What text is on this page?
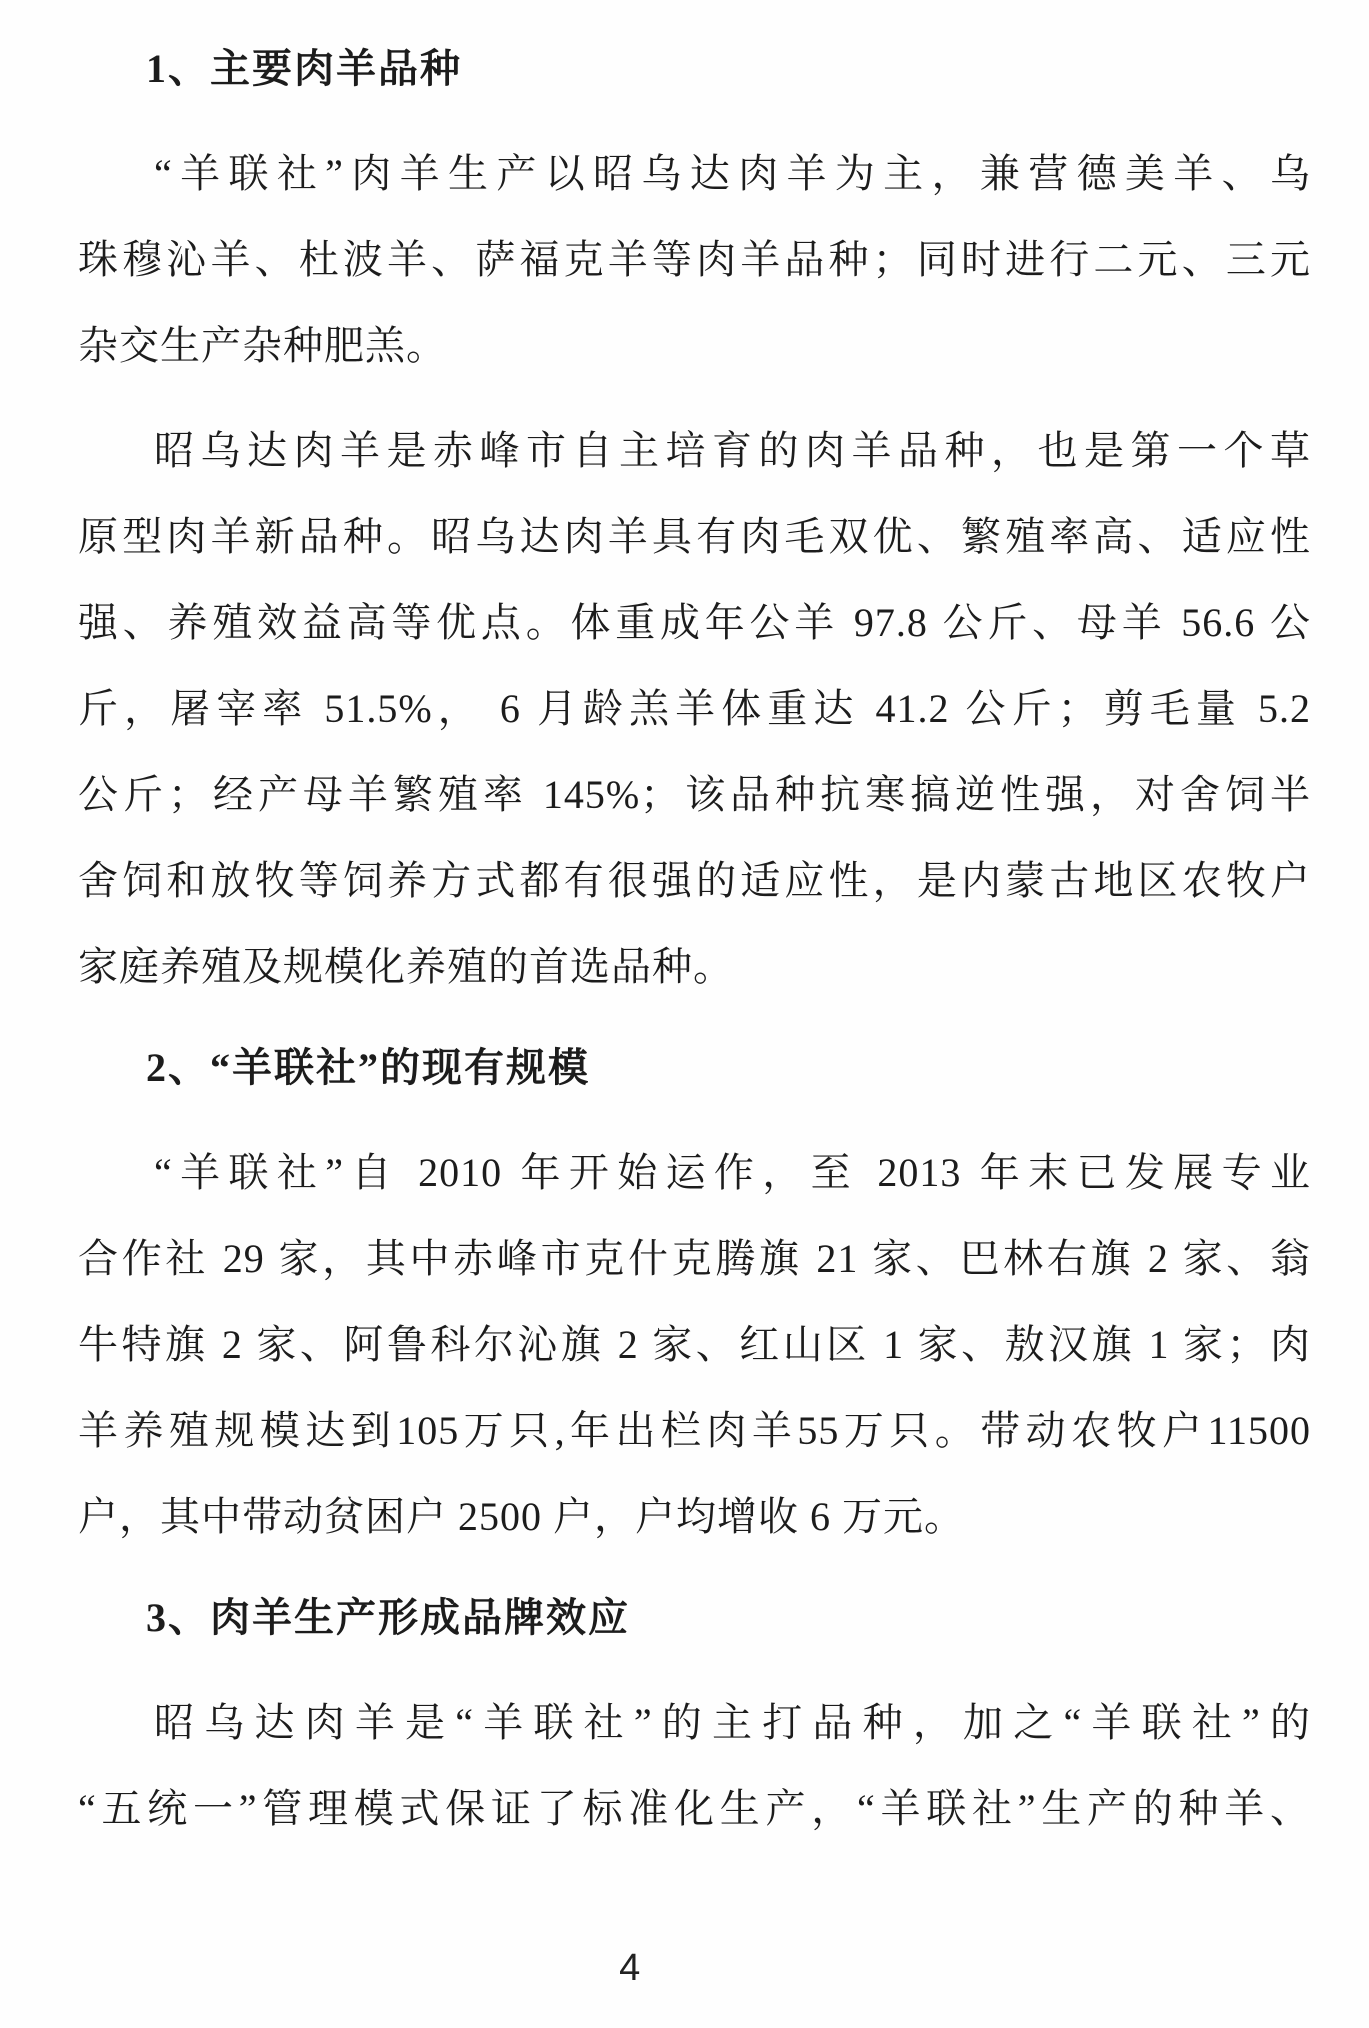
1、主要肉羊品种
“羊联社”肉羊生产以昭乌达肉羊为主，兼营德美羊、乌
珠穆沁羊、杜波羊、萨福克羊等肉羊品种；同时进行二元、三元
杂交生产杂种肥羔。
昭乌达肉羊是赤峰市自主培育的肉羊品种，也是第一个草
原型肉羊新品种。昭乌达肉羊具有肉毛双优、繁殖率高、适应性
强、养殖效益高等优点。体重成年公羊 97.8 公斤、母羊 56.6 公
斤，屠宰率 51.5%， 6 月龄羔羊体重达 41.2 公斤；剪毛量 5.2
公斤；经产母羊繁殖率 145%；该品种抗寒搞逆性强，对舍饲半
舍饲和放牧等饲养方式都有很强的适应性，是内蒙古地区农牧户
家庭养殖及规模化养殖的首选品种。
2、“羊联社”的现有规模
“羊联社”自 2010 年开始运作，至 2013 年末已发展专业
合作社 29 家，其中赤峰市克什克腾旗 21 家、巴林右旗 2 家、翁
牛特旗 2 家、阿鲁科尔沁旗 2 家、红山区 1 家、敖汉旗 1 家；肉
羊养殖规模达到105万只,年出栏肉羊55万只。带动农牧户11500
户，其中带动贫困户 2500 户，户均增收 6 万元。
3、肉羊生产形成品牌效应
昭乌达肉羊是“羊联社”的主打品种，加之“羊联社”的
“五统一”管理模式保证了标准化生产，“羊联社”生产的种羊、
4
